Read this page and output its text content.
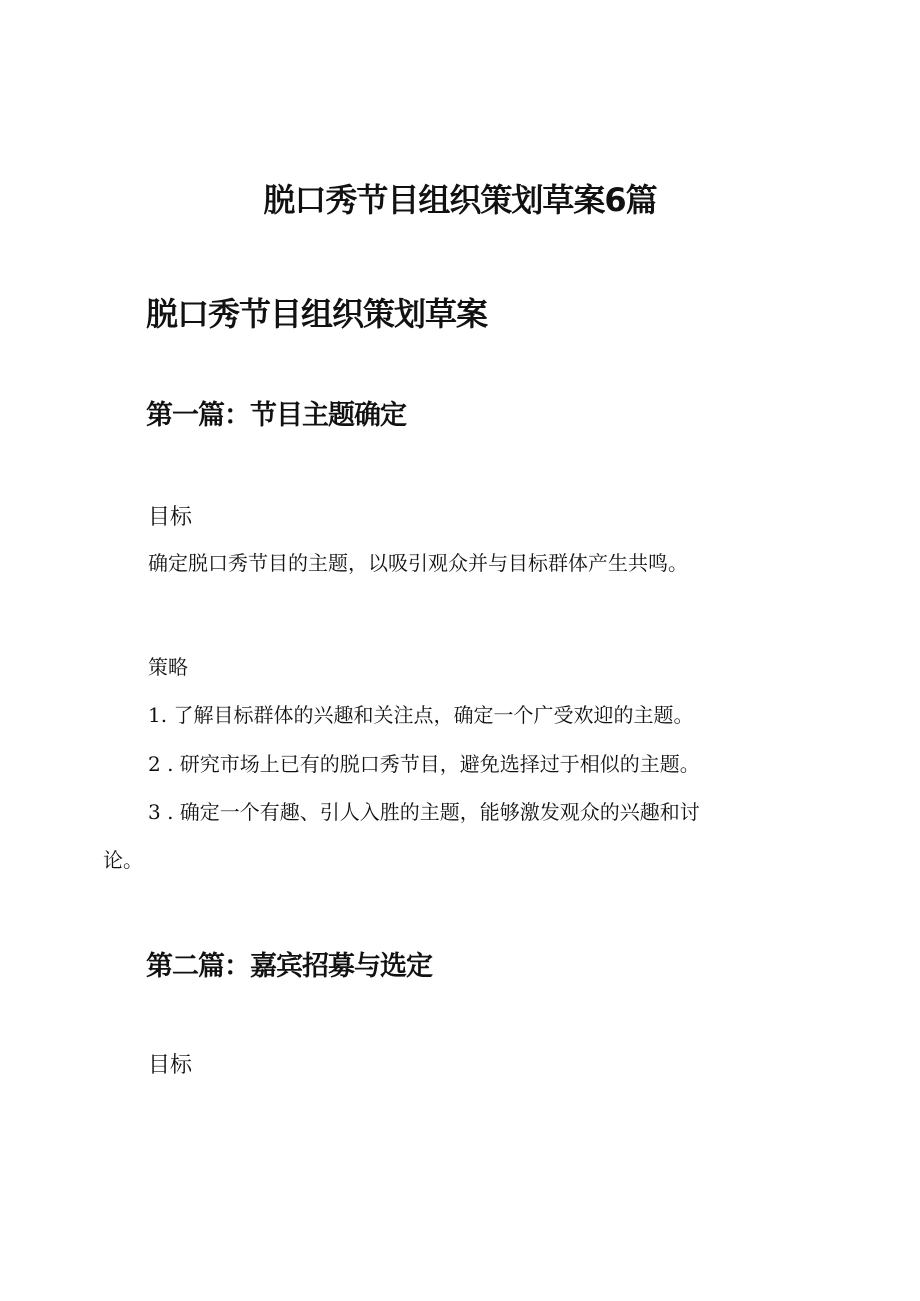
脱口秀节目组织策划草案6篇
脱口秀节目组织策划草案
第一篇：节目主题确定
目标

确定脱口秀节目的主题，以吸引观众并与目标群体产生共鸣。

策略

1. 了解目标群体的兴趣和关注点，确定一个广受欢迎的主题。

2 . 研究市场上已有的脱口秀节目，避免选择过于相似的主题。

3 . 确定一个有趣、引人入胜的主题，能够激发观众的兴趣和讨

论。

第二篇：嘉宾招募与选定
目标
